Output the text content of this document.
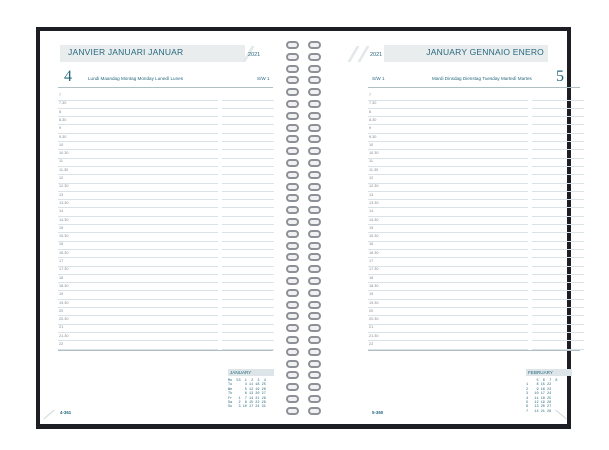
JANVIER JANUARI JANUAR	2021
4	Lundi Maandag Montag Monday Lunedì Lunes	S/W 1
7
7.30
8
8.30
9
9.30
10
10.30
11
11.30
12
12.30
13
13.30
14
14.30
15
15.30
16
16.30
17
17.30
18
18.30
19
19.30
20
20.30
21
21.30
22
JANUARY
Mo  53  1  2  3  4
Tu      4 11 18 25
We      5 12 19 26
Th      6 13 20 27
Fr   1  7 14 21 28
Sa   2  8 15 22 29
Su   3 10 17 24 31
4-361
JANUARY GENNAIO ENERO
2021
5
Mardi Dinsdag Dienstag Tuesday Martedì Martes
S/W 1
7
7.30
8
8.30
9
9.30
10
10.30
11
11.30
12
12.30
13
13.30
14
14.30
15
15.30
16
16.30
17
17.30
18
18.30
19
19.30
20
20.30
21
21.30
22
FEBRUARY
5  6  7  8
1    8 15 22
2    9 16 23
3   10 17 24
4   11 18 25
5   12 19 26
6   13 20 27
7   14 21 28
5-360
